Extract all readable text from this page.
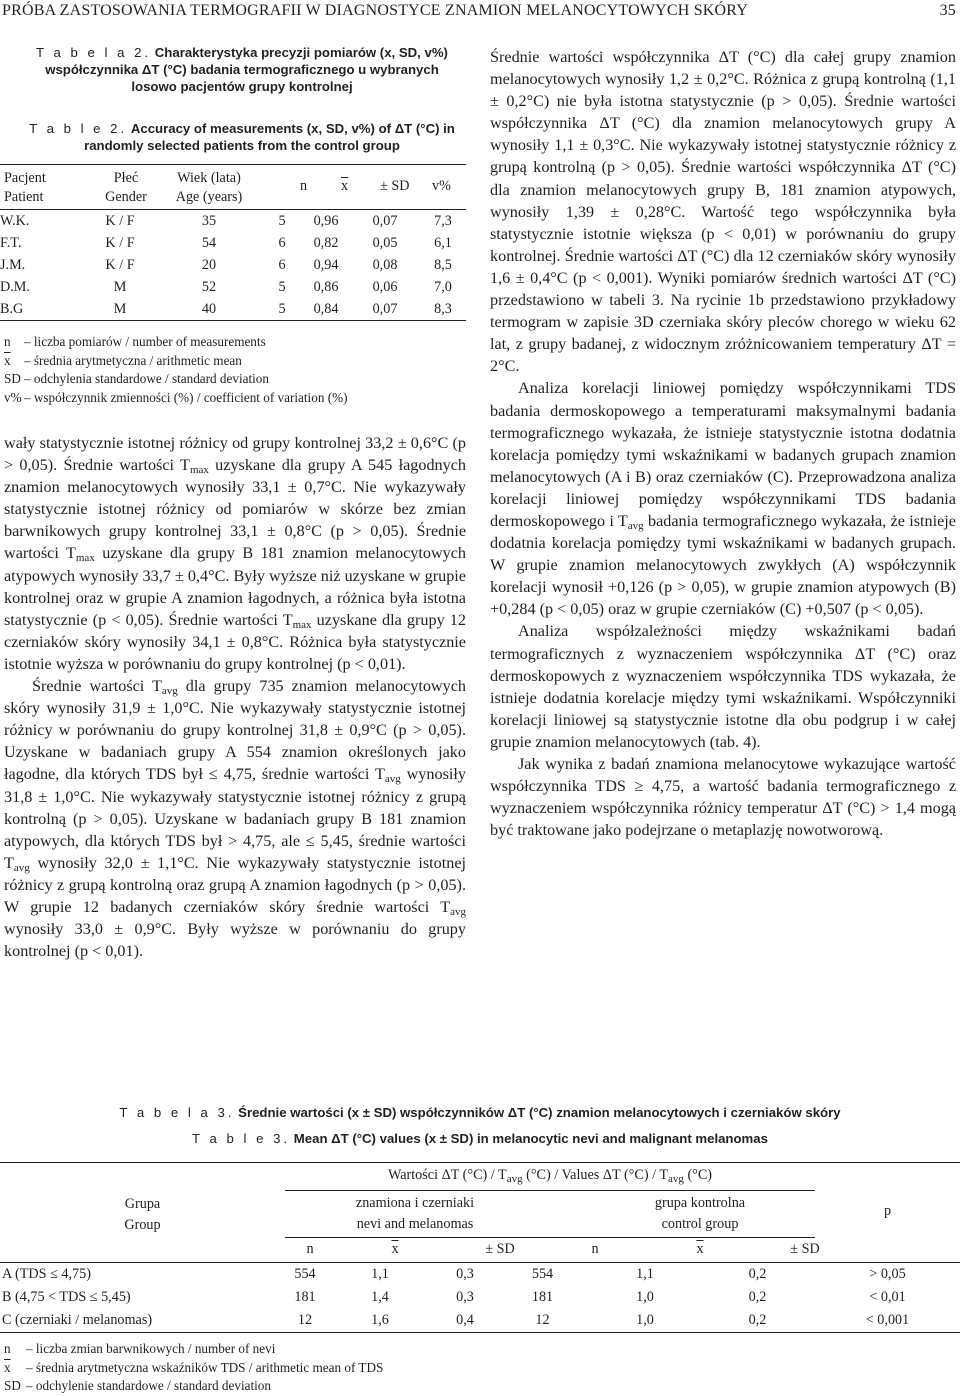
PRÓBA ZASTOSOWANIA TERMOGRAFII W DIAGNOSTYCE ZNAMION MELANOCYTOWYCH SKÓRY	35
T a b e l a 2. Charakterystyka precyzji pomiarów (x, SD, v%) współczynnika ΔT (°C) badania termograficznego u wybranych losowo pacjentów grupy kontrolnej
T a b l e 2. Accuracy of measurements (x, SD, v%) of ΔT (°C) in randomly selected patients from the control group
Pacjent
Patient
Płeć
Gender
Wiek (lata)
Age (years)
n $\overline{x}$ ± SD v%
W.K.	K / F	35	5	0,96	0,07	7,3
F.T.	K / F	54	6	0,82	0,05	6,1
J.M.	K / F	20	6	0,94	0,08	8,5
D.M.	M	52	5	0,86	0,06	7,0
B.G	M	40	5	0,84	0,07	8,3
n – liczba pomiarów / number of measurements
$\overline{x}$ – średnia arytmetyczna / arithmetic mean
SD – odchylenia standardowe / standard deviation
v% – współczynnik zmienności (%) / coefficient of variation (%)

wały statystycznie istotnej różnicy od grupy kontrolnej 33,2 ± 0,6°C (p > 0,05). Średnie wartości $T_{max}$ uzyskane dla grupy A 545 łagodnych znamion melanocytowych wynosiły 33,1 ± 0,7°C. Nie wykazywały statystycznie istotnej różnicy od pomiarów w skórze bez zmian barwnikowych grupy kontrolnej 33,1 ± 0,8°C (p > 0,05). Średnie wartości $T_{max}$ uzyskane dla grupy B 181 znamion melanocytowych atypowych wynosiły 33,7 ± 0,4°C. Były wyższe niż uzyskane w grupie kontrolnej oraz w grupie A znamion łagodnych, a różnica była istotna statystycznie (p < 0,05). Średnie wartości $T_{max}$ uzyskane dla grupy 12 czerniaków skóry wynosiły 34,1 ± 0,8°C. Różnica była statystycznie istotnie wyższa w porównaniu do grupy kontrolnej (p < 0,01).

Średnie wartości $T_{avg}$ dla grupy 735 znamion melanocytowych skóry wynosiły 31,9 ± 1,0°C. Nie wykazywały statystycznie istotnej różnicy w porównaniu do grupy kontrolnej 31,8 ± 0,9°C (p > 0,05). Uzyskane w badaniach grupy A 554 znamion określonych jako łagodne, dla których TDS był ≤ 4,75, średnie wartości $T_{avg}$ wynosiły 31,8 ± 1,0°C. Nie wykazywały statystycznie istotnej różnicy z grupą kontrolną (p > 0,05). Uzyskane w badaniach grupy B 181 znamion atypowych, dla których TDS był > 4,75, ale ≤ 5,45, średnie wartości $T_{avg}$ wynosiły 32,0 ± 1,1°C. Nie wykazywały statystycznie istotnej różnicy z grupą kontrolną oraz grupą A znamion łagodnych (p > 0,05). W grupie 12 badanych czerniaków skóry średnie wartości $T_{avg}$ wynosiły 33,0 ± 0,9°C. Były wyższe w porównaniu do grupy kontrolnej (p < 0,01).

Średnie wartości współczynnika ΔT (°C) dla całej grupy znamion melanocytowych wynosiły 1,2 ± 0,2°C. Różnica z grupą kontrolną (1,1 ± 0,2°C) nie była istotna statystycznie (p > 0,05). Średnie wartości współczynnika ΔT (°C) dla znamion melanocytowych grupy A wynosiły 1,1 ± 0,3°C. Nie wykazywały istotnej statystycznie różnicy z grupą kontrolną (p > 0,05). Średnie wartości współczynnika ΔT (°C) dla znamion melanocytowych grupy B, 181 znamion atypowych, wynosiły 1,39 ± 0,28°C. Wartość tego współczynnika była statystycznie istotnie większa (p < 0,01) w porównaniu do grupy kontrolnej. Średnie wartości ΔT (°C) dla 12 czerniaków skóry wynosiły 1,6 ± 0,4°C (p < 0,001). Wyniki pomiarów średnich wartości ΔT (°C) przedstawiono w tabeli 3. Na rycinie 1b przedstawiono przykładowy termogram w zapisie 3D czerniaka skóry pleców chorego w wieku 62 lat, z grupy badanej, z widocznym zróżnicowaniem temperatury ΔT = 2°C.

Analiza korelacji liniowej pomiędzy współczynnikami TDS badania dermoskopowego a temperaturami maksymalnymi badania termograficznego wykazała, że istnieje statystycznie istotna dodatnia korelacja pomiędzy tymi wskaźnikami w badanych grupach znamion melanocytowych (A i B) oraz czerniaków (C). Przeprowadzona analiza korelacji liniowej pomiędzy współczynnikami TDS badania dermoskopowego i $T_{avg}$ badania termograficznego wykazała, że istnieje dodatnia korelacja pomiędzy tymi wskaźnikami w badanych grupach. W grupie znamion melanocytowych zwykłych (A) współczynnik korelacji wynosił +0,126 (p > 0,05), w grupie znamion atypowych (B) +0,284 (p < 0,05) oraz w grupie czerniaków (C) +0,507 (p < 0,05).

Analiza współzależności między wskaźnikami badań termograficznych z wyznaczeniem współczynnika ΔT (°C) oraz dermoskopowych z wyznaczeniem współczynnika TDS wykazała, że istnieje dodatnia korelacje między tymi wskaźnikami. Współczynniki korelacji liniowej są statystycznie istotne dla obu podgrup i w całej grupie znamion melanocytowych (tab. 4).

Jak wynika z badań znamiona melanocytowe wykazujące wartość współczynnika TDS ≥ 4,75, a wartość badania termograficznego z wyznaczeniem współczynnika różnicy temperatur ΔT (°C) > 1,4 mogą być traktowane jako podejrzane o metaplazję nowotworową.

T a b e l a 3. Średnie wartości (x ± SD) współczynników ΔT (°C) znamion melanocytowych i czerniaków skóry
T a b l e 3. Mean ΔT (°C) values (x ± SD) in melanocytic nevi and malignant melanomas
Grupa
Group
Wartości ΔT $(^\circ C) / T_{avg}$ (°C) / Values ΔT $(^\circ C) / T_{avg}$ (°C)
znamiona i czerniaki
nevi and melanomas
grupa kontrolna
control group
p
n	$\overline{x}$	± SD	n	$\overline{x}$	± SD
A (TDS ≤ 4,75)	554	1,1	0,3	554	1,1	0,2	> 0,05
B (4,75 < TDS ≤ 5,45)	181	1,4	0,3	181	1,0	0,2	< 0,01
C (czerniaki / melanomas)	12	1,6	0,4	12	1,0	0,2	< 0,001
n – liczba zmian barwnikowych / number of nevi
$\overline{x}$ – średnia arytmetyczna wskaźników TDS / arithmetic mean of TDS
SD – odchylenie standardowe / standard deviation
